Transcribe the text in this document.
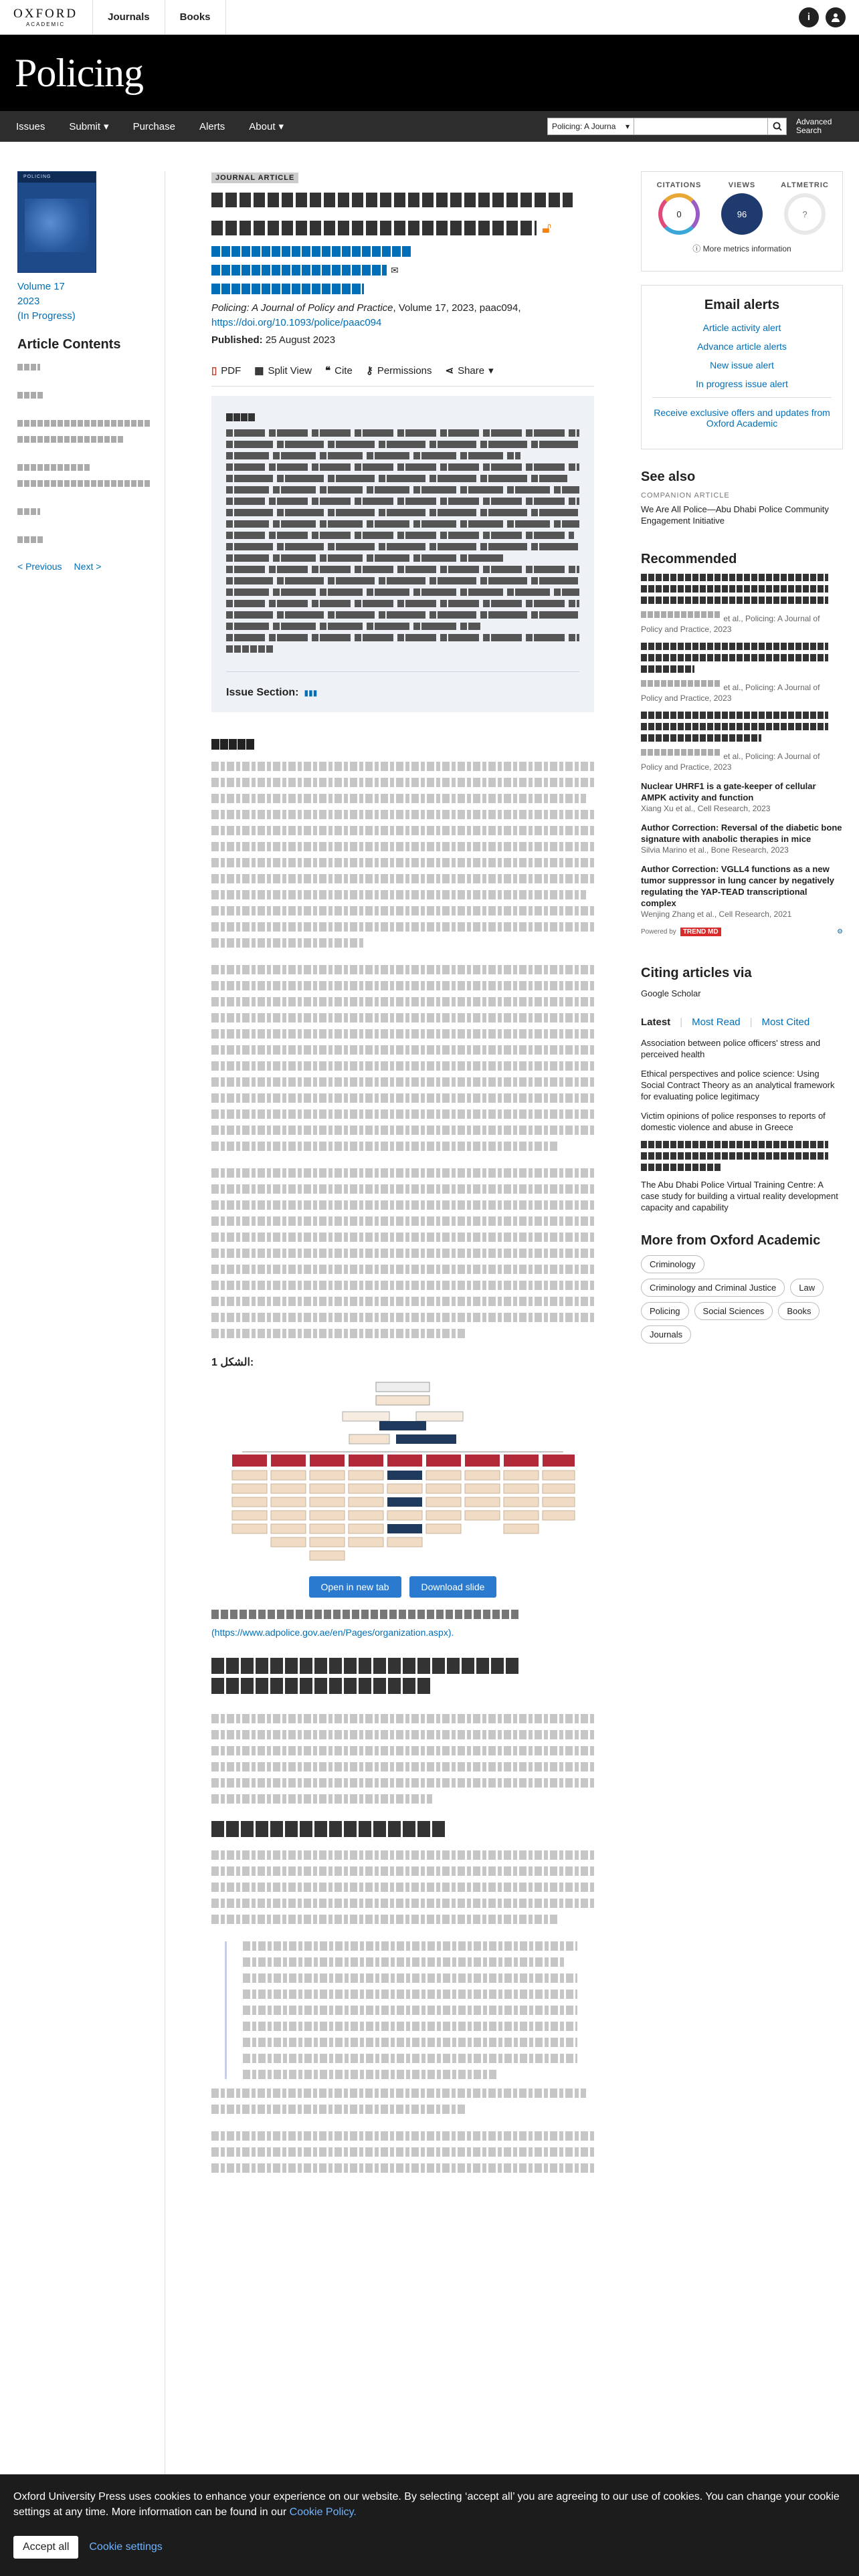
OXFORD
ACADEMIC
Journals	Books	i
Policing
Issues Submit ▾ Purchase Alerts About ▾	Policing: A Journa ▾	Advanced Search
POLICING
Volume 17
2023
(In Progress)
Article Contents
< Previous Next >
JOURNAL ARTICLE
🔓︎
✉
Policing: A Journal of Policy and Practice, Volume 17, 2023, paac094,
https://doi.org/10.1093/police/paac094
Published: 25 August 2023
▯ PDF ▦ Split View ❝ Cite ⚷ Permissions ⋖ Share ▾
Issue Section: ▮▮▮
1 الشكل:
Open in new tab	Download slide
(https://www.adpolice.gov.ae/en/Pages/organization.aspx).
CITATIONS
0
VIEWS
96
ALTMETRIC
?
ⓘ More metrics information
Email alerts
Article activity alert
Advance article alerts
New issue alert
In progress issue alert
Receive exclusive offers and updates from Oxford Academic
See also
COMPANION ARTICLE
We Are All Police—Abu Dhabi Police Community Engagement Initiative
Recommended
et al., Policing: A Journal of Policy and Practice, 2023
et al., Policing: A Journal of Policy and Practice, 2023
et al., Policing: A Journal of Policy and Practice, 2023
Nuclear UHRF1 is a gate-keeper of cellular AMPK activity and function
Xiang Xu et al., Cell Research, 2023
Author Correction: Reversal of the diabetic bone signature with anabolic therapies in mice
Silvia Marino et al., Bone Research, 2023
Author Correction: VGLL4 functions as a new tumor suppressor in lung cancer by negatively regulating the YAP-TEAD transcriptional complex
Wenjing Zhang et al., Cell Research, 2021
Powered by	TREND MD	⚙
Citing articles via
Google Scholar
Latest | Most Read | Most Cited
Association between police officers' stress and perceived health
Ethical perspectives and police science: Using Social Contract Theory as an analytical framework for evaluating police legitimacy
Victim opinions of police responses to reports of domestic violence and abuse in Greece
The Abu Dhabi Police Virtual Training Centre: A case study for building a virtual reality development capacity and capability
More from Oxford Academic
Criminology
Criminology and Criminal Justice	Law
Policing	Social Sciences	Books
Journals
Oxford University Press uses cookies to enhance your experience on our website. By selecting ‘accept all’ you are agreeing to our use of cookies. You can change your cookie settings at any time. More information can be found in our Cookie Policy.
Accept all	Cookie settings
